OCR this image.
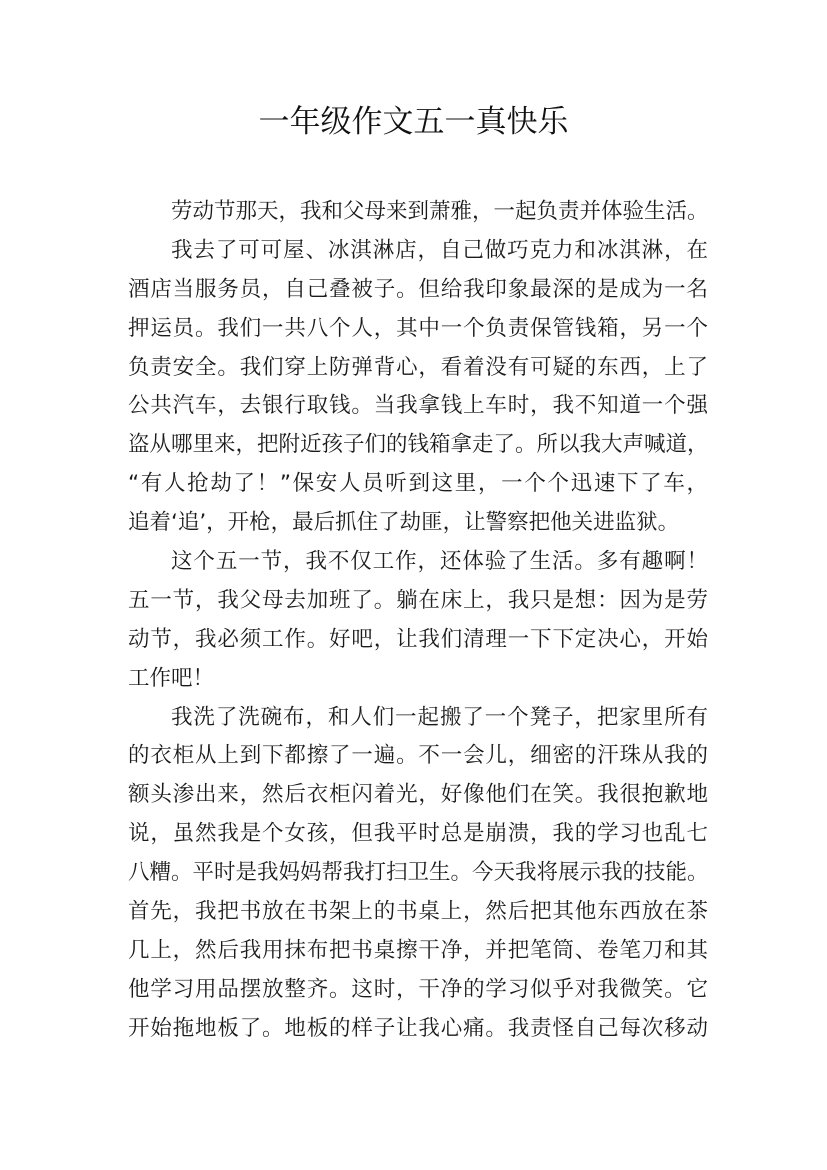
一年级作文五一真快乐
劳动节那天，我和父母来到萧雅，一起负责并体验生活。
我去了可可屋、冰淇淋店，自己做巧克力和冰淇淋，在
酒店当服务员，自己叠被子。但给我印象最深的是成为一名
押运员。我们一共八个人，其中一个负责保管钱箱，另一个
负责安全。我们穿上防弹背心，看着没有可疑的东西，上了
公共汽车，去银行取钱。当我拿钱上车时，我不知道一个强
盗从哪里来，把附近孩子们的钱箱拿走了。所以我大声喊道，
“有人抢劫了！”保安人员听到这里，一个个迅速下了车，
追着‘追’，开枪，最后抓住了劫匪，让警察把他关进监狱。
这个五一节，我不仅工作，还体验了生活。多有趣啊！
五一节，我父母去加班了。躺在床上，我只是想：因为是劳
动节，我必须工作。好吧，让我们清理一下下定决心，开始
工作吧！
我洗了洗碗布，和人们一起搬了一个凳子，把家里所有
的衣柜从上到下都擦了一遍。不一会儿，细密的汗珠从我的
额头渗出来，然后衣柜闪着光，好像他们在笑。我很抱歉地
说，虽然我是个女孩，但我平时总是崩溃，我的学习也乱七
八糟。平时是我妈妈帮我打扫卫生。今天我将展示我的技能。
首先，我把书放在书架上的书桌上，然后把其他东西放在茶
几上，然后我用抹布把书桌擦干净，并把笔筒、卷笔刀和其
他学习用品摆放整齐。这时，干净的学习似乎对我微笑。它
开始拖地板了。地板的样子让我心痛。我责怪自己每次移动
